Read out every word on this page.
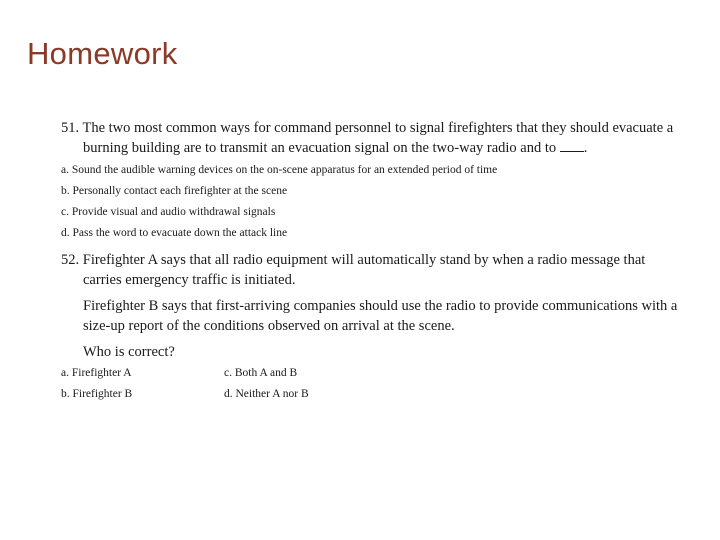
Homework

51. The two most common ways for command personnel to signal firefighters that they should evacuate a burning building are to transmit an evacuation signal on the two-way radio and to .

a. Sound the audible warning devices on the on-scene apparatus for an extended period of time

b. Personally contact each firefighter at the scene

c. Provide visual and audio withdrawal signals

d. Pass the word to evacuate down the attack line

52. Firefighter A says that all radio equipment will automatically stand by when a radio message that carries emergency traffic is initiated.

Firefighter B says that first-arriving companies should use the radio to provide communications with a size-up report of the conditions observed on arrival at the scene.

Who is correct?

a. Firefighter A	c. Both A and B

b. Firefighter B	d. Neither A nor B
